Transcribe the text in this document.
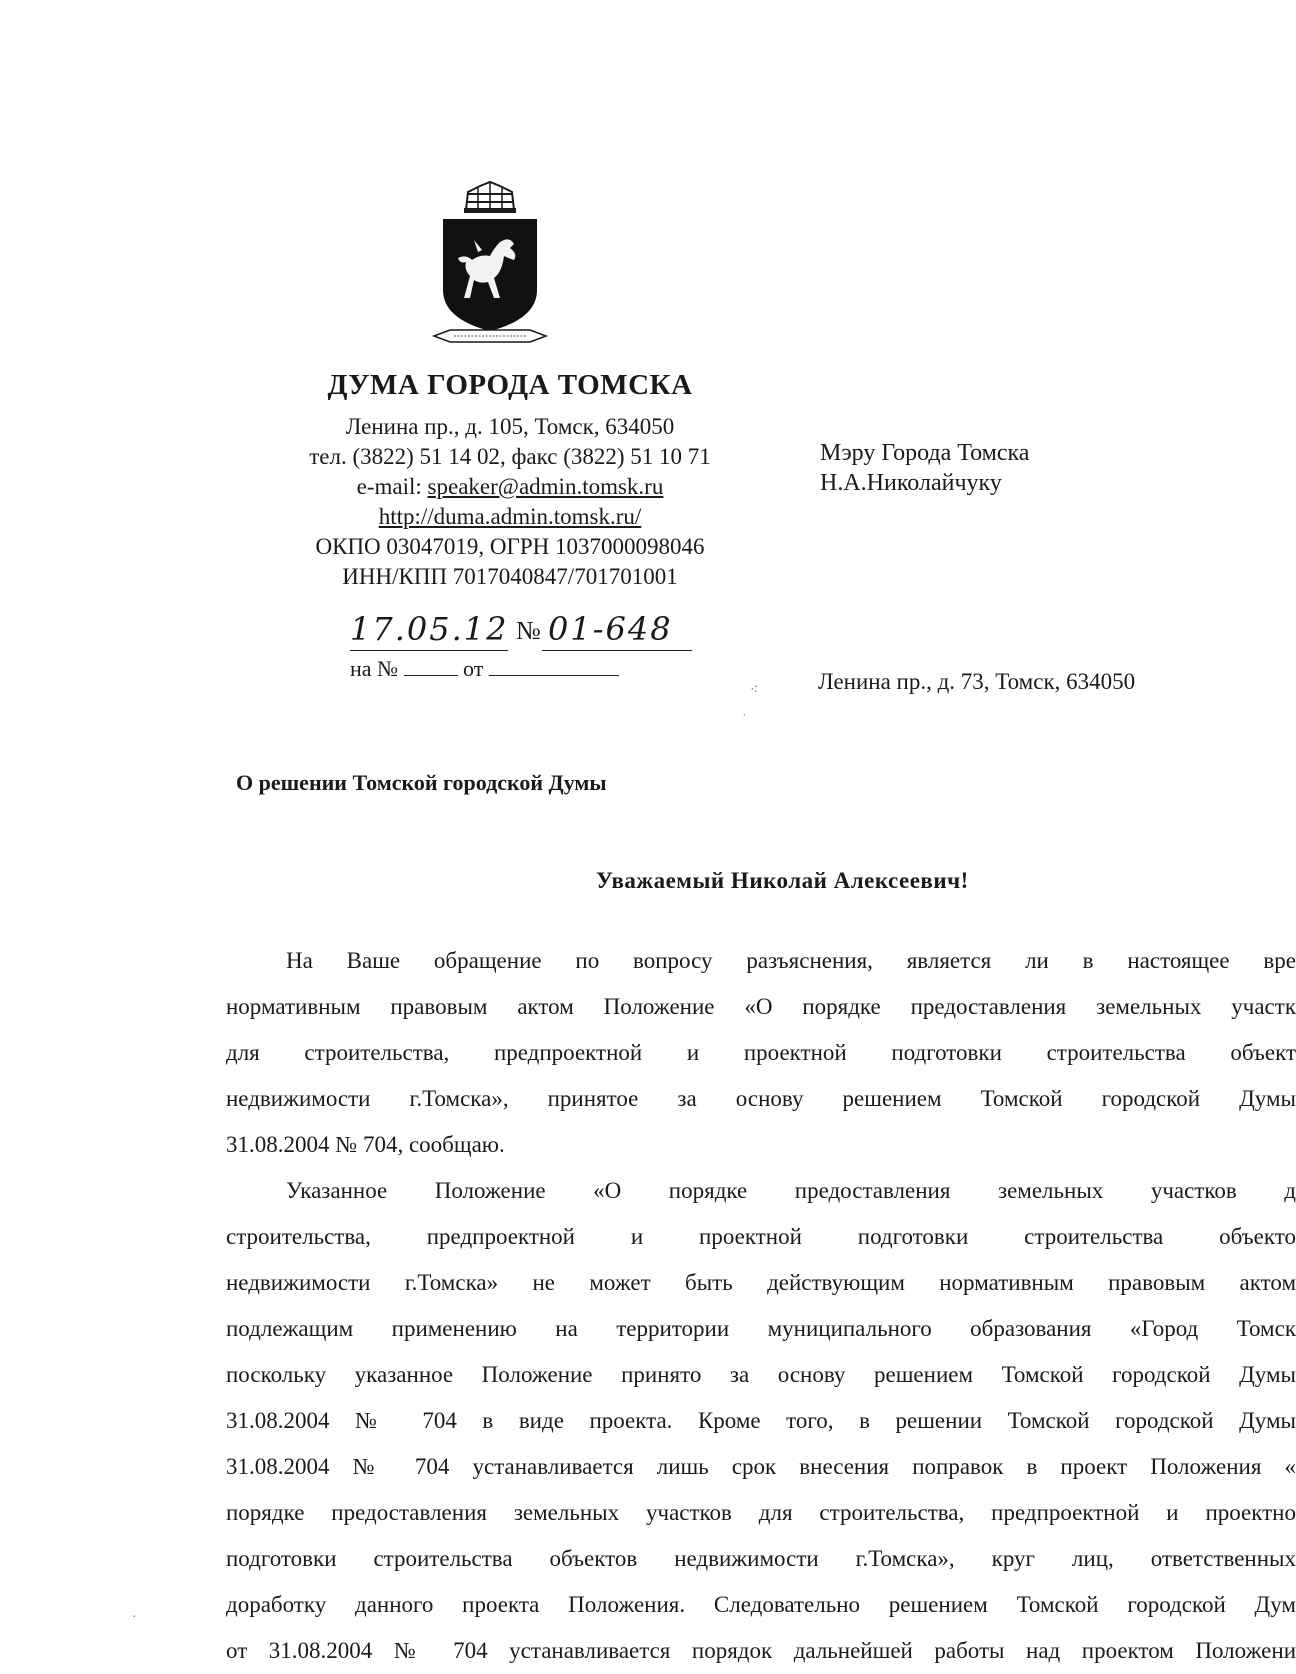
ДУМА ГОРОДА ТОМСКА

Ленина пр., д. 105, Томск, 634050

тел. (3822) 51 14 02, факс (3822) 51 10 71

e-mail: speaker@admin.tomsk.ru

http://duma.admin.tomsk.ru/

ОКПО 03047019, ОГРН 1037000098046

ИНН/КПП 7017040847/701701001

17.05.12 № 01-648
на №	от

Мэру Города Томска

Н.А.Николайчуку

Ленина пр., д. 73, Томск, 634050

⁖
˙

О решении Томской городской Думы

Уважаемый Николай Алексеевич!

На Ваше обращение по вопросу разъяснения, является ли в настоящее вре

нормативным правовым актом Положение «О порядке предоставления земельных участк

для строительства, предпроектной и проектной подготовки строительства объект

недвижимости г.Томска», принятое за основу решением Томской городской Думы

31.08.2004 № 704, сообщаю.

Указанное Положение «О порядке предоставления земельных участков д

строительства, предпроектной и проектной подготовки строительства объекто

недвижимости г.Томска» не может быть действующим нормативным правовым актом

подлежащим применению на территории муниципального образования «Город Томск

поскольку указанное Положение принято за основу решением Томской городской Думы

31.08.2004 № 704 в виде проекта. Кроме того, в решении Томской городской Думы

31.08.2004 № 704 устанавливается лишь срок внесения поправок в проект Положения «

порядке предоставления земельных участков для строительства, предпроектной и проектно

подготовки строительства объектов недвижимости г.Томска», круг лиц, ответственных

доработку данного проекта Положения. Следовательно решением Томской городской Дум

от 31.08.2004 № 704 устанавливается порядок дальнейшей работы над проектом Положени

·
